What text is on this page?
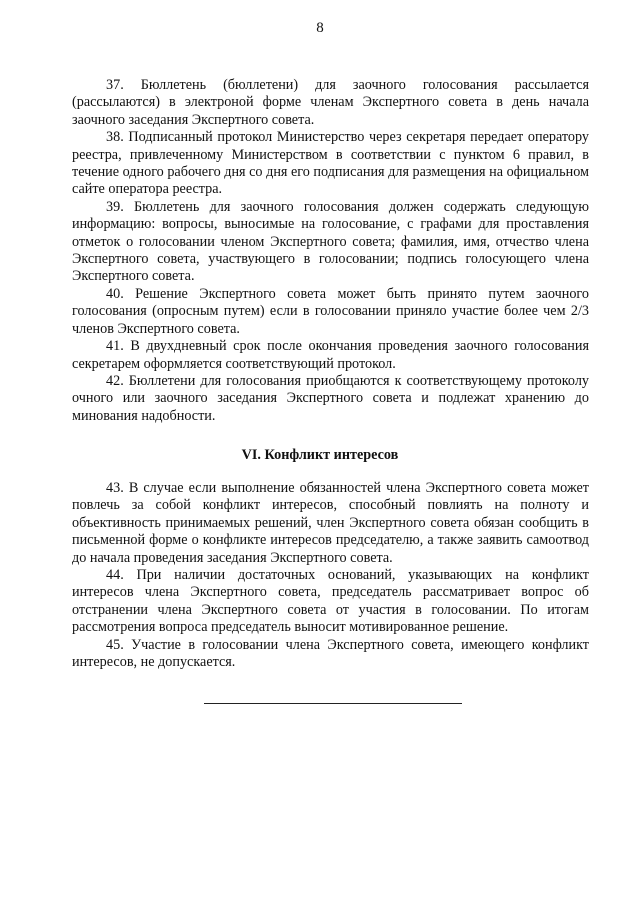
8

37. Бюллетень (бюллетени) для заочного голосования рассылается (рассылаются) в электроной форме членам Экспертного совета в день начала заочного заседания Экспертного совета.

38. Подписанный протокол Министерство через секретаря передает оператору реестра, привлеченному Министерством в соответствии с пунктом 6 правил, в течение одного рабочего дня со дня его подписания для размещения на официальном сайте оператора реестра.

39. Бюллетень для заочного голосования должен содержать следующую информацию: вопросы, выносимые на голосование, с графами для проставления отметок о голосовании членом Экспертного совета; фамилия, имя, отчество члена Экспертного совета, участвующего в голосовании; подпись голосующего члена Экспертного совета.

40. Решение Экспертного совета может быть принято путем заочного голосования (опросным путем) если в голосовании приняло участие более чем 2/3 членов Экспертного совета.

41. В двухдневный срок после окончания проведения заочного голосования секретарем оформляется соответствующий протокол.

42. Бюллетени для голосования приобщаются к соответствующему протоколу очного или заочного заседания Экспертного совета и подлежат хранению до минования надобности.

VI. Конфликт интересов

43. В случае если выполнение обязанностей члена Экспертного совета может повлечь за собой конфликт интересов, способный повлиять на полноту и объективность принимаемых решений, член Экспертного совета обязан сообщить в письменной форме о конфликте интересов председателю, а также заявить самоотвод до начала проведения заседания Экспертного совета.

44. При наличии достаточных оснований, указывающих на конфликт интересов члена Экспертного совета, председатель рассматривает вопрос об отстранении члена Экспертного совета от участия в голосовании. По итогам рассмотрения вопроса председатель выносит мотивированное решение.

45. Участие в голосовании члена Экспертного совета, имеющего конфликт интересов, не допускается.
